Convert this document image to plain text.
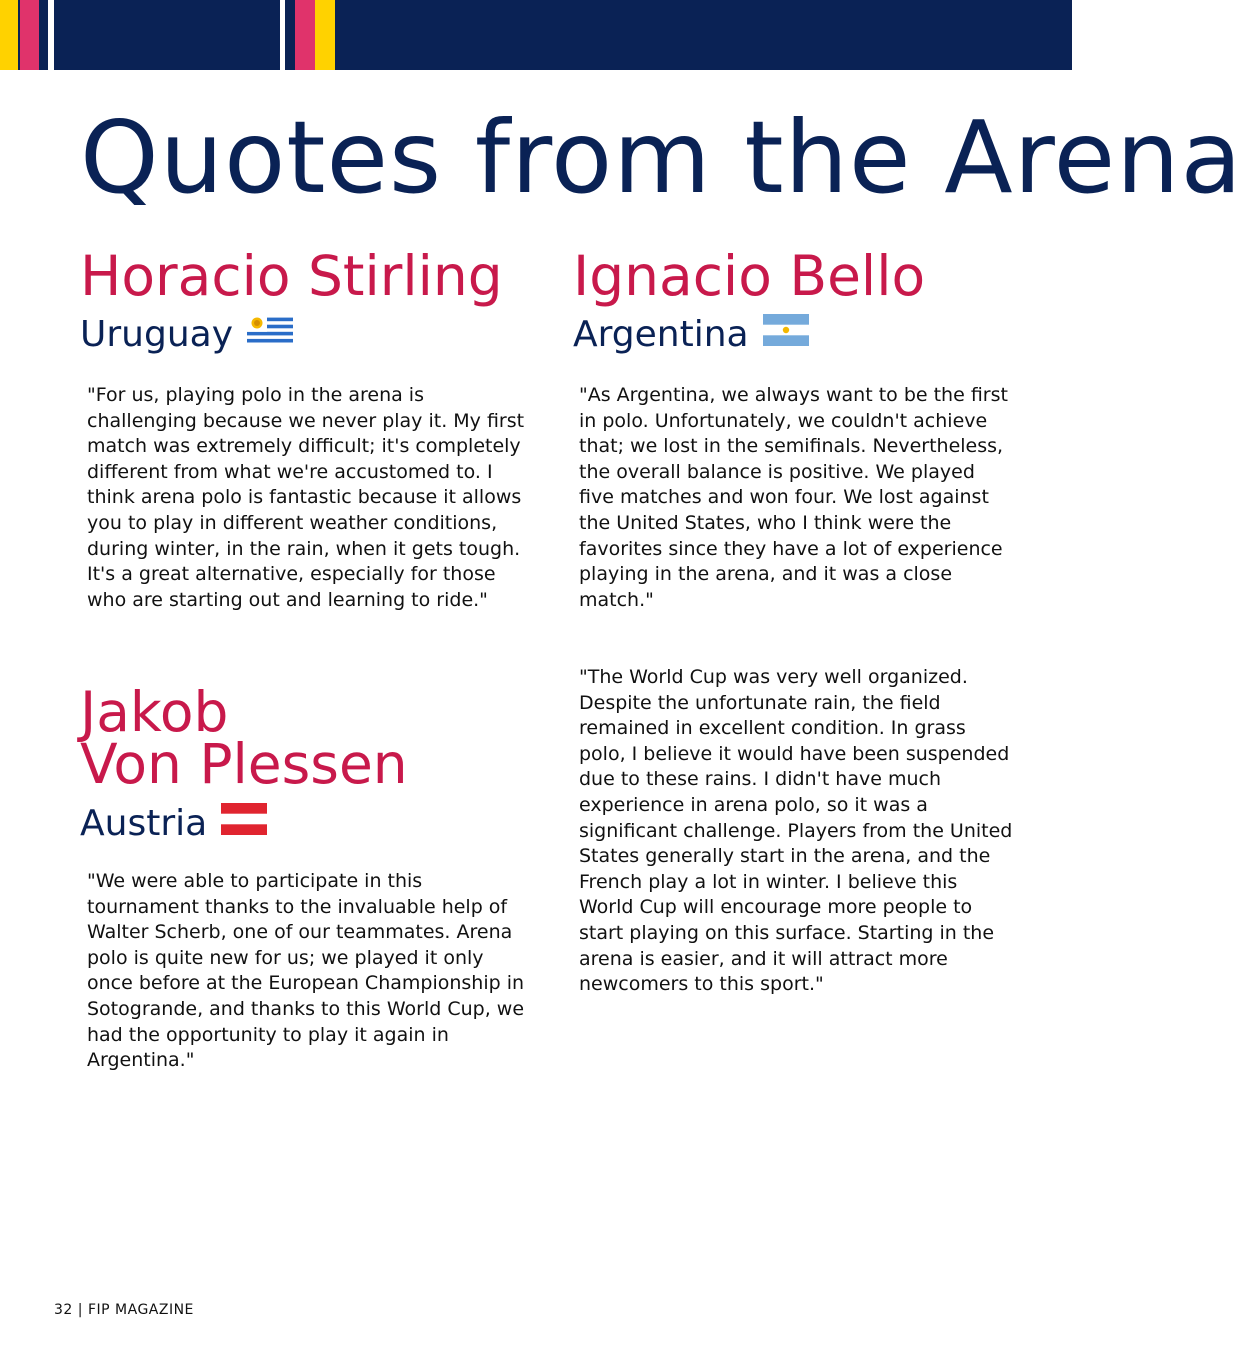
Quotes from the Arena
Horacio Stirling
Uruguay

"For us, playing polo in the arena is challenging because we never play it. My first match was extremely difficult; it's completely different from what we're accustomed to. I think arena polo is fantastic because it allows you to play in different weather conditions, during winter, in the rain, when it gets tough. It's a great alternative, especially for those who are starting out and learning to ride."

Jakob
Von Plessen
Austria

"We were able to participate in this tournament thanks to the invaluable help of Walter Scherb, one of our teammates. Arena polo is quite new for us; we played it only once before at the European Championship in Sotogrande, and thanks to this World Cup, we had the opportunity to play it again in Argentina."

Ignacio Bello
Argentina

"As Argentina, we always want to be the first in polo. Unfortunately, we couldn't achieve that; we lost in the semifinals. Nevertheless, the overall balance is positive. We played five matches and won four. We lost against the United States, who I think were the favorites since they have a lot of experience playing in the arena, and it was a close match."

"The World Cup was very well organized. Despite the unfortunate rain, the field remained in excellent condition. In grass polo, I believe it would have been suspended due to these rains. I didn't have much experience in arena polo, so it was a significant challenge. Players from the United States generally start in the arena, and the French play a lot in winter. I believe this World Cup will encourage more people to start playing on this surface. Starting in the arena is easier, and it will attract more newcomers to this sport."

32 | FIP MAGAZINE
